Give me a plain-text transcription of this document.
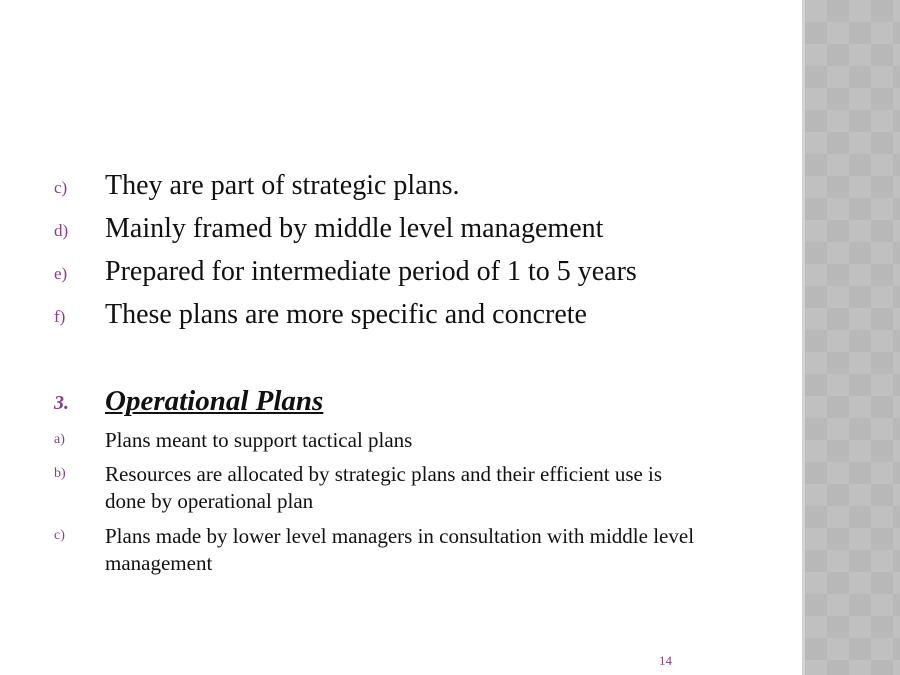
c) They are part of strategic plans.
d) Mainly framed by middle level management
e) Prepared for intermediate period of 1 to 5 years
f) These plans are more specific and concrete
3. Operational Plans
a) Plans meant to support tactical plans
b) Resources are allocated by strategic plans and their efficient use is
done by operational plan
c) Plans made by lower level managers in consultation with middle level
management
14
